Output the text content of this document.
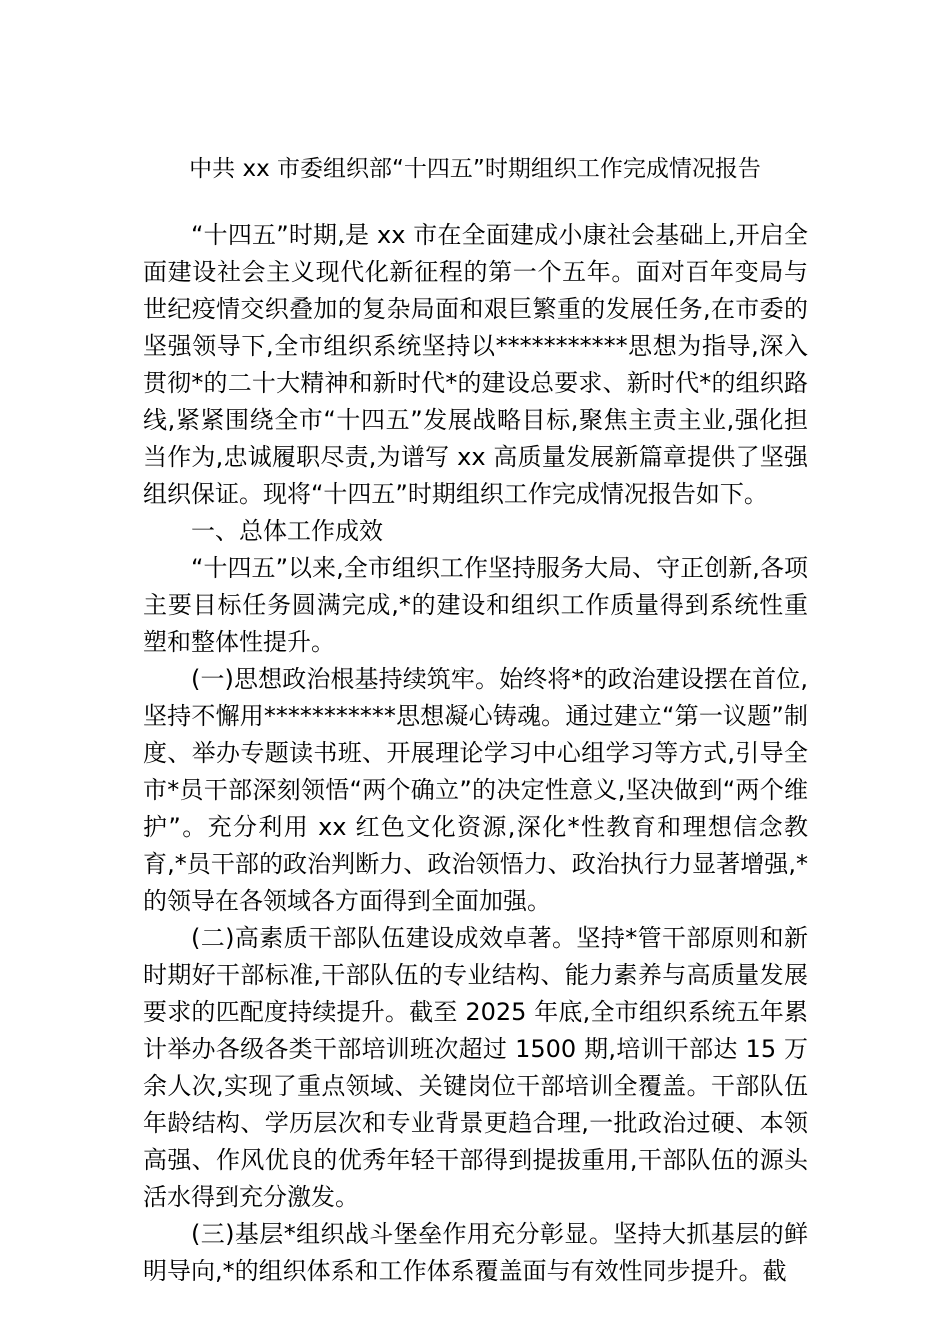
中共 xx 市委组织部“十四五”时期组织工作完成情况报告

“十四五”时期,是 xx 市在全面建成小康社会基础上,开启全面建设社会主义现代化新征程的第一个五年。面对百年变局与世纪疫情交织叠加的复杂局面和艰巨繁重的发展任务,在市委的坚强领导下,全市组织系统坚持以***********思想为指导,深入贯彻*的二十大精神和新时代*的建设总要求、新时代*的组织路线,紧紧围绕全市“十四五”发展战略目标,聚焦主责主业,强化担当作为,忠诚履职尽责,为谱写 xx 高质量发展新篇章提供了坚强组织保证。现将“十四五”时期组织工作完成情况报告如下。

一、总体工作成效

“十四五”以来,全市组织工作坚持服务大局、守正创新,各项主要目标任务圆满完成,*的建设和组织工作质量得到系统性重塑和整体性提升。

(一)思想政治根基持续筑牢。始终将*的政治建设摆在首位,坚持不懈用***********思想凝心铸魂。通过建立“第一议题”制度、举办专题读书班、开展理论学习中心组学习等方式,引导全市*员干部深刻领悟“两个确立”的决定性意义,坚决做到“两个维护”。充分利用 xx 红色文化资源,深化*性教育和理想信念教育,*员干部的政治判断力、政治领悟力、政治执行力显著增强,*的领导在各领域各方面得到全面加强。

(二)高素质干部队伍建设成效卓著。坚持*管干部原则和新时期好干部标准,干部队伍的专业结构、能力素养与高质量发展要求的匹配度持续提升。截至 2025 年底,全市组织系统五年累计举办各级各类干部培训班次超过 1500 期,培训干部达 15 万余人次,实现了重点领域、关键岗位干部培训全覆盖。干部队伍年龄结构、学历层次和专业背景更趋合理,一批政治过硬、本领高强、作风优良的优秀年轻干部得到提拔重用,干部队伍的源头活水得到充分激发。

(三)基层*组织战斗堡垒作用充分彰显。坚持大抓基层的鲜明导向,*的组织体系和工作体系覆盖面与有效性同步提升。截
